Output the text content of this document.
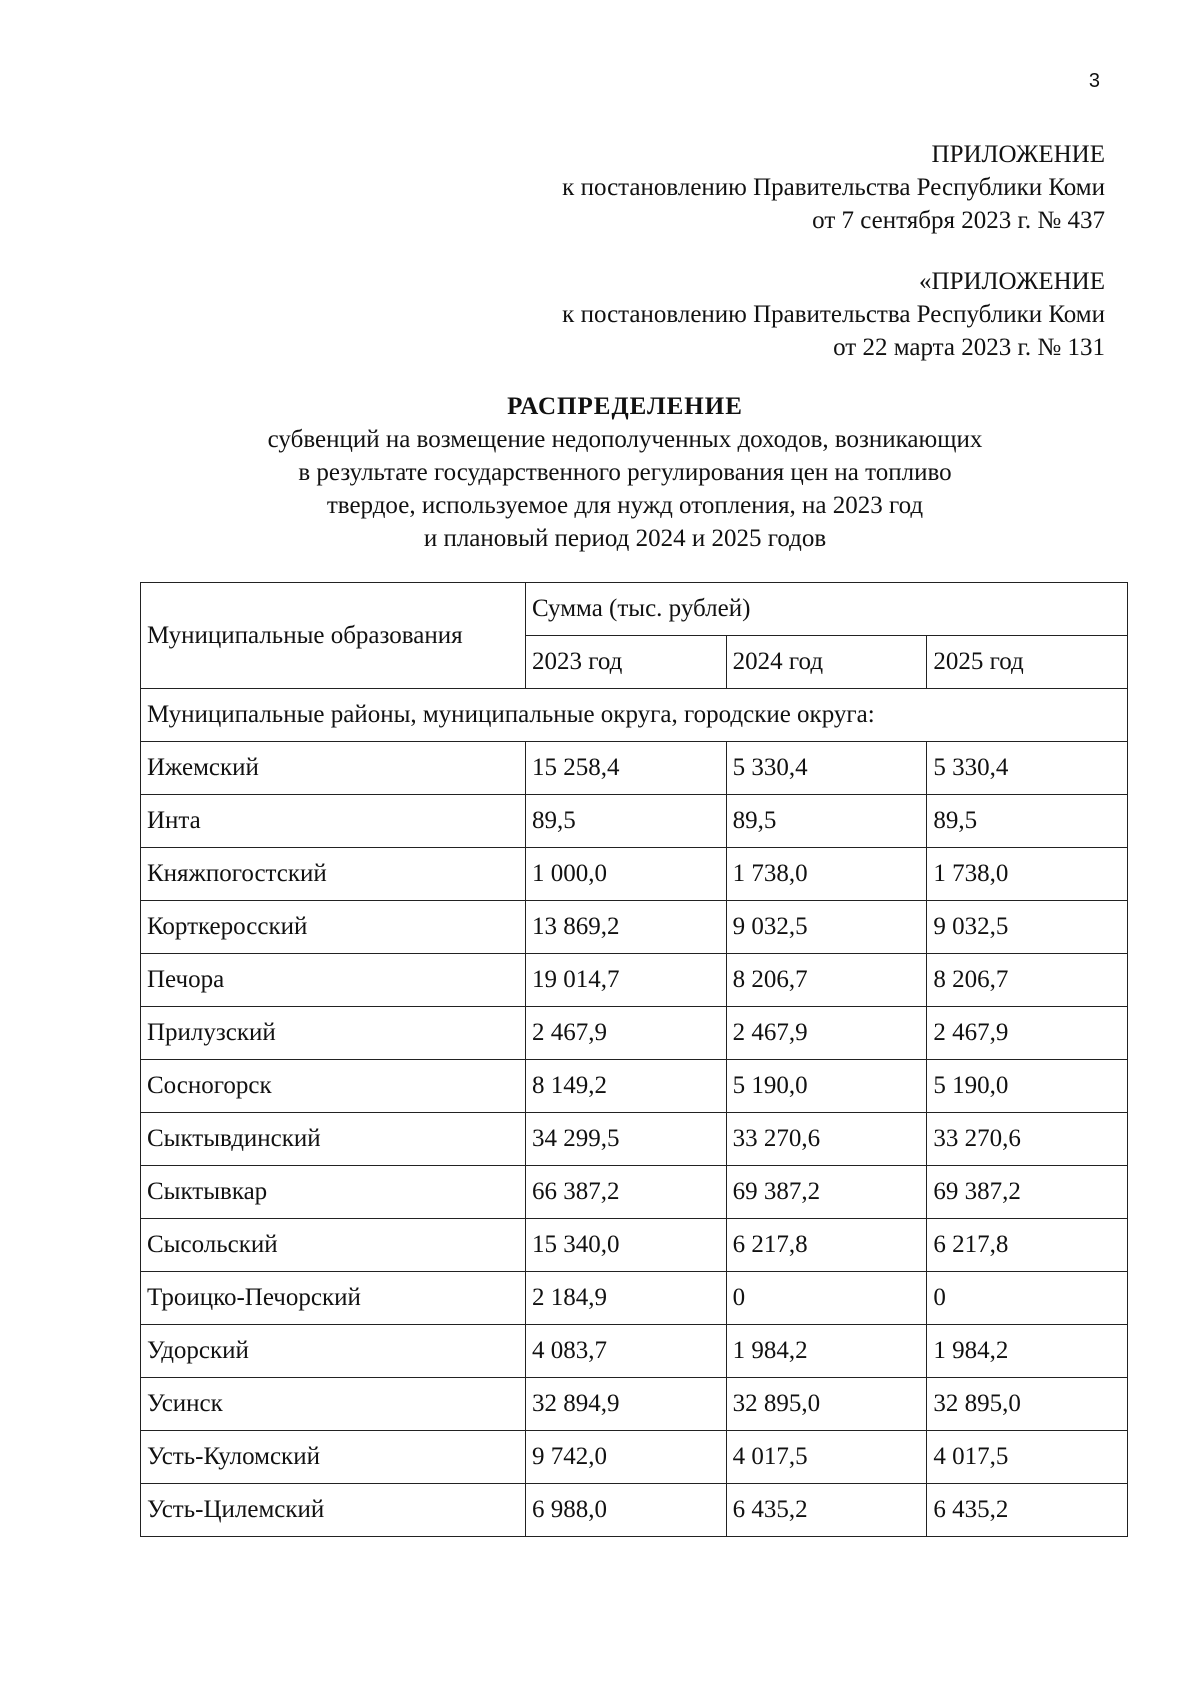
3
ПРИЛОЖЕНИЕ
к постановлению Правительства Республики Коми
от 7 сентября 2023 г. № 437
«ПРИЛОЖЕНИЕ
к постановлению Правительства Республики Коми
от 22 марта 2023 г. № 131
РАСПРЕДЕЛЕНИЕ
субвенций на возмещение недополученных доходов, возникающих
в результате государственного регулирования цен на топливо
твердое, используемое для нужд отопления, на 2023 год
и плановый период 2024 и 2025 годов
Муниципальные образования	Сумма (тыс. рублей)		
	2023 год	2024 год	2025 год
Муниципальные районы, муниципальные округа, городские округа:			
Ижемский	15 258,4	5 330,4	5 330,4
Инта	89,5	89,5	89,5
Княжпогостский	1 000,0	1 738,0	1 738,0
Корткеросский	13 869,2	9 032,5	9 032,5
Печора	19 014,7	8 206,7	8 206,7
Прилузский	2 467,9	2 467,9	2 467,9
Сосногорск	8 149,2	5 190,0	5 190,0
Сыктывдинский	34 299,5	33 270,6	33 270,6
Сыктывкар	66 387,2	69 387,2	69 387,2
Сысольский	15 340,0	6 217,8	6 217,8
Троицко-Печорский	2 184,9	0	0
Удорский	4 083,7	1 984,2	1 984,2
Усинск	32 894,9	32 895,0	32 895,0
Усть-Куломский	9 742,0	4 017,5	4 017,5
Усть-Цилемский	6 988,0	6 435,2	6 435,2
